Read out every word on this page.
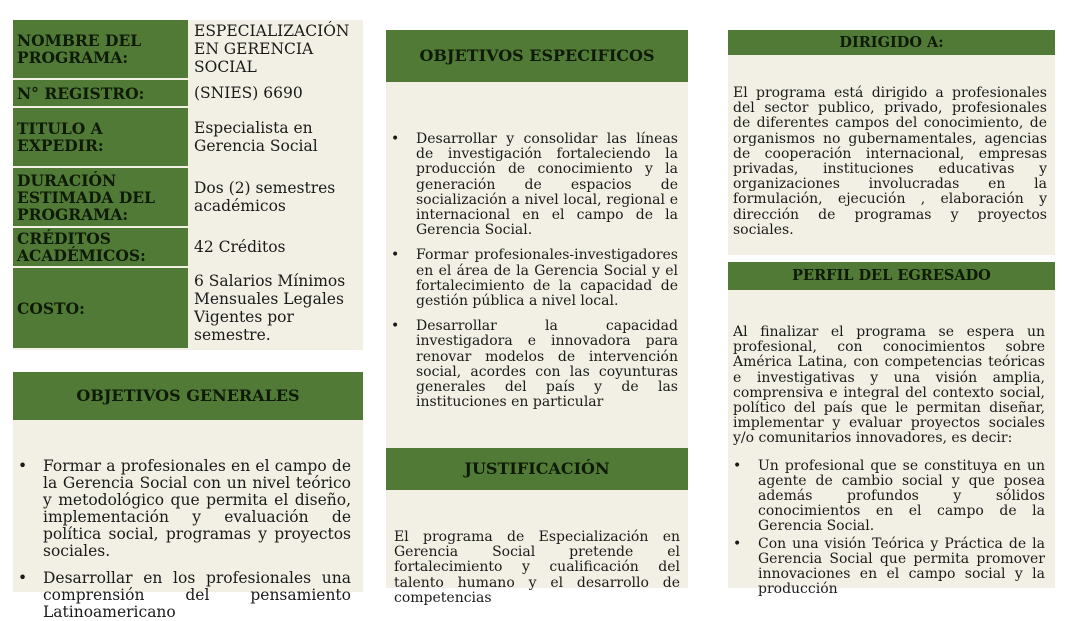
NOMBRE DEL PROGRAMA:
ESPECIALIZACIÓN EN GERENCIA SOCIAL
N° REGISTRO:	(SNIES) 6690
TITULO A EXPEDIR:
Especialista en Gerencia Social
DURACIÓN ESTIMADA DEL PROGRAMA:
Dos (2) semestres académicos
CRÉDITOS ACADÉMICOS:	42 Créditos
COSTO:
6 Salarios Mínimos Mensuales Legales Vigentes por semestre.
OBJETIVOS GENERALES
• Formar a profesionales en el campo de la Gerencia Social con un nivel teórico y metodológico que permita el diseño, implementación y evaluación de política social, programas y proyectos sociales.
• Desarrollar en los profesionales una comprensión del pensamiento Latinoamericano
OBJETIVOS ESPECIFICOS
• Desarrollar y consolidar las líneas de investigación fortaleciendo la producción de conocimiento y la generación de espacios de socialización a nivel local, regional e internacional en el campo de la Gerencia Social.
• Formar profesionales-investigadores en el área de la Gerencia Social y el fortalecimiento de la capacidad de gestión pública a nivel local.
• Desarrollar la capacidad investigadora e innovadora para renovar modelos de intervención social, acordes con las coyunturas generales del país y de las instituciones en particular
JUSTIFICACIÓN

El programa de Especialización en Gerencia Social pretende el fortalecimiento y cualificación del talento humano y el desarrollo de competencias

DIRIGIDO A:

El programa está dirigido a profesionales del sector publico, privado, profesionales de diferentes campos del conocimiento, de organismos no gubernamentales, agencias de cooperación internacional, empresas privadas, instituciones educativas y organizaciones involucradas en la formulación, ejecución , elaboración y dirección de programas y proyectos sociales.

PERFIL DEL EGRESADO

Al finalizar el programa se espera un profesional, con conocimientos sobre América Latina, con competencias teóricas e investigativas y una visión amplia, comprensiva e integral del contexto social, político del país que le permitan diseñar, implementar y evaluar proyectos sociales y/o comunitarios innovadores, es decir:

• Un profesional que se constituya en un agente de cambio social y que posea además profundos y sólidos conocimientos en el campo de la Gerencia Social.
• Con una visión Teórica y Práctica de la Gerencia Social que permita promover innovaciones en el campo social y la producción
